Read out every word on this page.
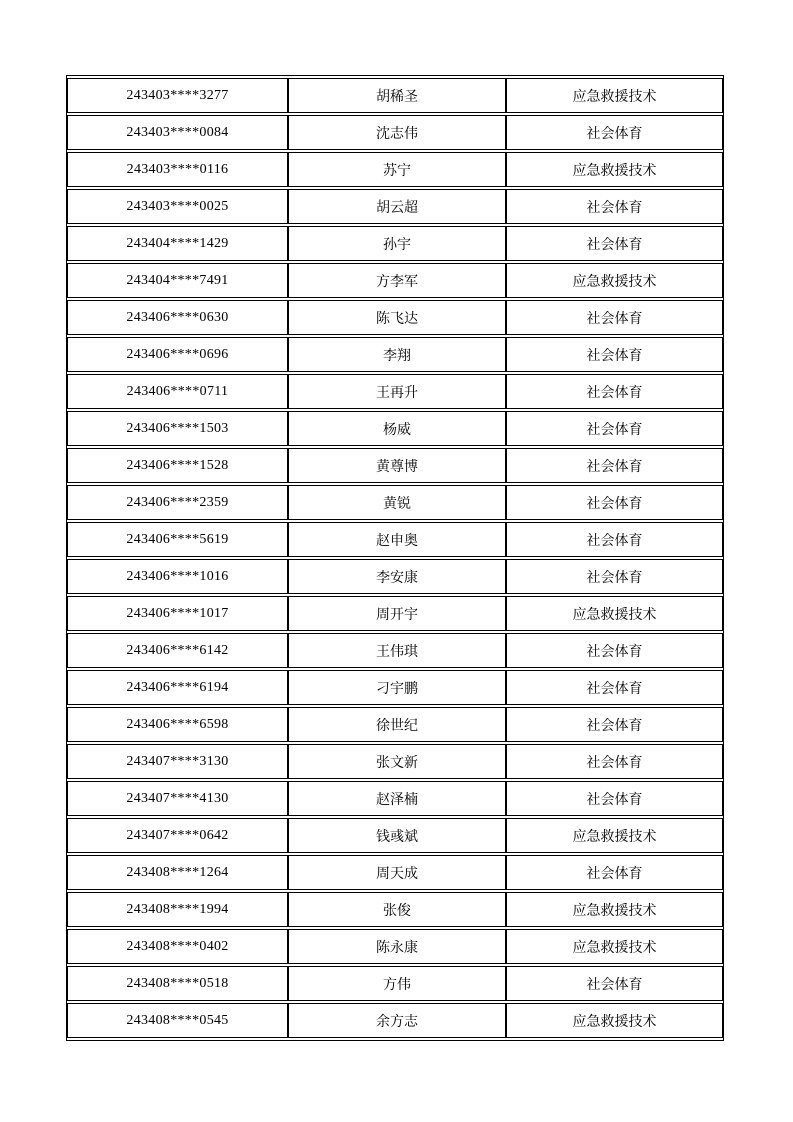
243403****3277	胡稀圣	应急救援技术
243403****0084	沈志伟	社会体育
243403****0116	苏宁	应急救援技术
243403****0025	胡云超	社会体育
243404****1429	孙宇	社会体育
243404****7491	方李军	应急救援技术
243406****0630	陈飞达	社会体育
243406****0696	李翔	社会体育
243406****0711	王再升	社会体育
243406****1503	杨威	社会体育
243406****1528	黄尊博	社会体育
243406****2359	黄锐	社会体育
243406****5619	赵申奥	社会体育
243406****1016	李安康	社会体育
243406****1017	周开宇	应急救援技术
243406****6142	王伟琪	社会体育
243406****6194	刁宇鹏	社会体育
243406****6598	徐世纪	社会体育
243407****3130	张文新	社会体育
243407****4130	赵泽楠	社会体育
243407****0642	钱彧斌	应急救援技术
243408****1264	周天成	社会体育
243408****1994	张俊	应急救援技术
243408****0402	陈永康	应急救援技术
243408****0518	方伟	社会体育
243408****0545	余方志	应急救援技术
